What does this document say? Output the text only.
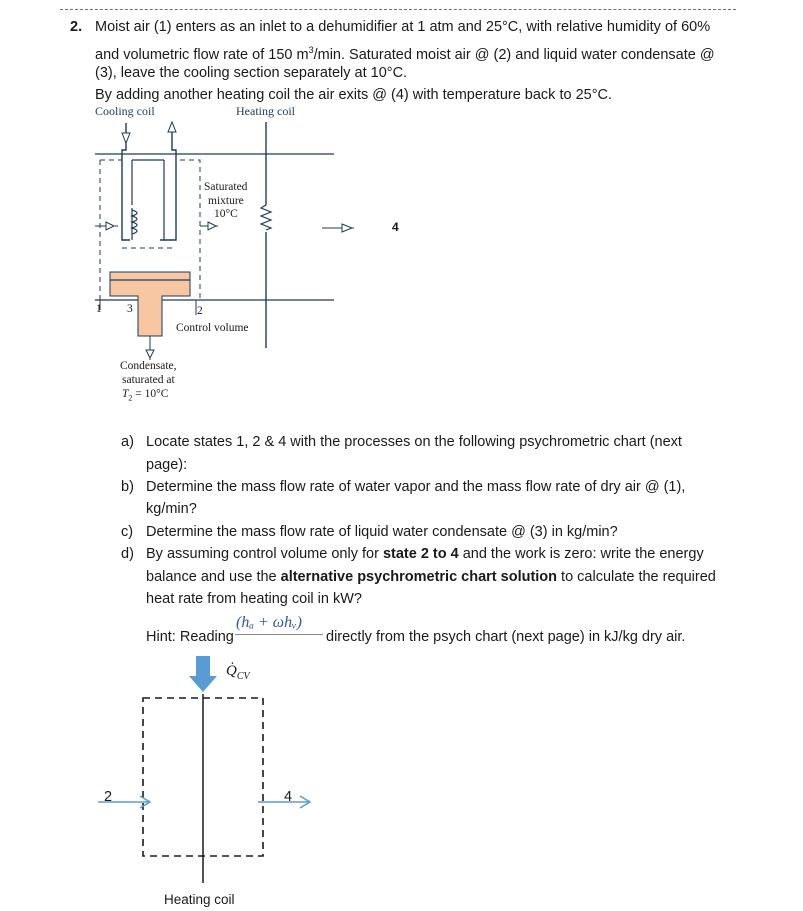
2. Moist air (1) enters as an inlet to a dehumidifier at 1 atm and 25°C, with relative humidity of 60%
and volumetric flow rate of 150 $m^3/\min$. Saturated moist air @ (2) and liquid water condensate @
(3), leave the cooling section separately at 10°C.
By adding another heating coil the air exits @ (4) with temperature back to 25°C.
Cooling coil	Heating coil
Saturated
mixture
10°C
4
1 3	2
Control volume
Condensate,
saturated at
$T_2 = 10^\circ C$
a) Locate states 1, 2 & 4 with the processes on the following psychrometric chart (next
page):
b) Determine the mass flow rate of water vapor and the mass flow rate of dry air @ (1),
kg/min?
c) Determine the mass flow rate of liquid water condensate @ (3) in kg/min?
d) By assuming control volume only for state 2 to 4 and the work is zero: write the energy
balance and use the alternative psychrometric chart solution to calculate the required
heat rate from heating coil in kW?
Hint: Reading
(hₐ + ωhᵥ)
directly from the psych chart (next page) in kJ/kg dry air.
$Q̇_{CV}$
2	4
Heating coil
